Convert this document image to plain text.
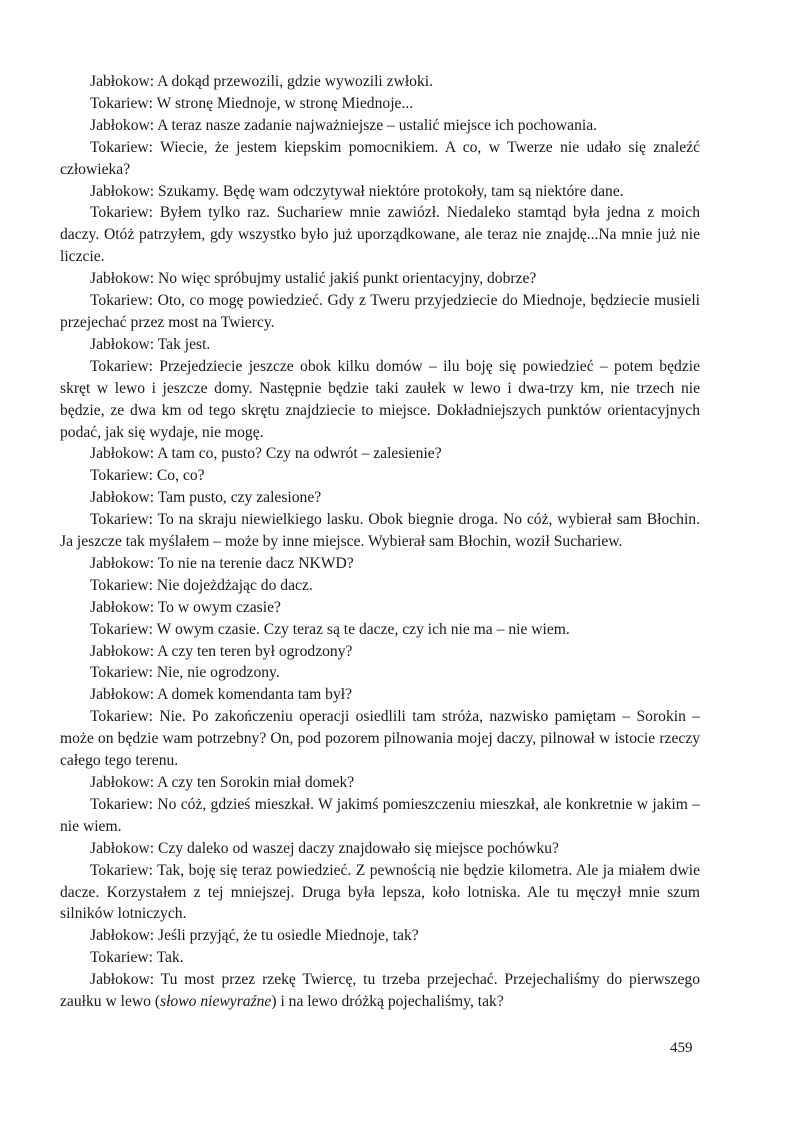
Jabłokow: A dokąd przewozili, gdzie wywozili zwłoki.

Tokariew: W stronę Miednoje, w stronę Miednoje...

Jabłokow: A teraz nasze zadanie najważniejsze – ustalić miejsce ich pochowania.

Tokariew: Wiecie, że jestem kiepskim pomocnikiem. A co, w Twerze nie udało się znaleźć człowieka?

Jabłokow: Szukamy. Będę wam odczytywał niektóre protokoły, tam są niektóre dane.

Tokariew: Byłem tylko raz. Suchariew mnie zawiózł. Niedaleko stamtąd była jedna z moich daczy. Otóż patrzyłem, gdy wszystko było już uporządkowane, ale teraz nie znajdę...Na mnie już nie liczcie.

Jabłokow: No więc spróbujmy ustalić jakiś punkt orientacyjny, dobrze?

Tokariew: Oto, co mogę powiedzieć. Gdy z Tweru przyjedziecie do Miednoje, będziecie musieli przejechać przez most na Twiercy.

Jabłokow: Tak jest.

Tokariew: Przejedziecie jeszcze obok kilku domów – ilu boję się powiedzieć – potem będzie skręt w lewo i jeszcze domy. Następnie będzie taki zaułek w lewo i dwa-trzy km, nie trzech nie będzie, ze dwa km od tego skrętu znajdziecie to miejsce. Dokładniejszych punktów orientacyjnych podać, jak się wydaje, nie mogę.

Jabłokow: A tam co, pusto? Czy na odwrót – zalesienie?

Tokariew: Co, co?

Jabłokow: Tam pusto, czy zalesione?

Tokariew: To na skraju niewielkiego lasku. Obok biegnie droga. No cóż, wybierał sam Błochin. Ja jeszcze tak myślałem – może by inne miejsce. Wybierał sam Błochin, woził Suchariew.

Jabłokow: To nie na terenie dacz NKWD?

Tokariew: Nie dojeżdżając do dacz.

Jabłokow: To w owym czasie?

Tokariew: W owym czasie. Czy teraz są te dacze, czy ich nie ma – nie wiem.

Jabłokow: A czy ten teren był ogrodzony?

Tokariew: Nie, nie ogrodzony.

Jabłokow: A domek komendanta tam był?

Tokariew: Nie. Po zakończeniu operacji osiedlili tam stróża, nazwisko pamiętam – Sorokin – może on będzie wam potrzebny? On, pod pozorem pilnowania mojej daczy, pilnował w istocie rzeczy całego tego terenu.

Jabłokow: A czy ten Sorokin miał domek?

Tokariew: No cóż, gdzieś mieszkał. W jakimś pomieszczeniu mieszkał, ale konkretnie w jakim – nie wiem.

Jabłokow: Czy daleko od waszej daczy znajdowało się miejsce pochówku?

Tokariew: Tak, boję się teraz powiedzieć. Z pewnością nie będzie kilometra. Ale ja miałem dwie dacze. Korzystałem z tej mniejszej. Druga była lepsza, koło lotniska. Ale tu męczył mnie szum silników lotniczych.

Jabłokow: Jeśli przyjąć, że tu osiedle Miednoje, tak?

Tokariew: Tak.

Jabłokow: Tu most przez rzekę Twiercę, tu trzeba przejechać. Przejechaliśmy do pierwszego zaułku w lewo (słowo niewyraźne) i na lewo dróżką pojechaliśmy, tak?

459
